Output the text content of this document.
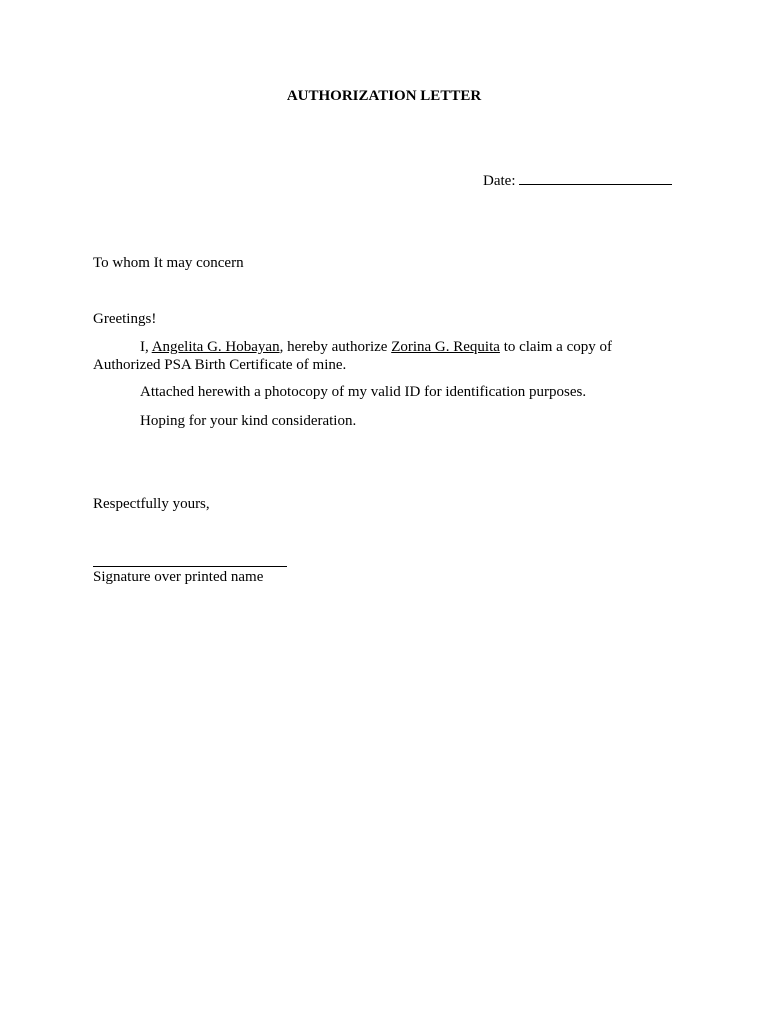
AUTHORIZATION LETTER
Date:
To whom It may concern
Greetings!
I, Angelita G. Hobayan, hereby authorize Zorina G. Requita to claim a copy of
Authorized PSA Birth Certificate of mine.
Attached herewith a photocopy of my valid ID for identification purposes.
Hoping for your kind consideration.
Respectfully yours,
Signature over printed name
